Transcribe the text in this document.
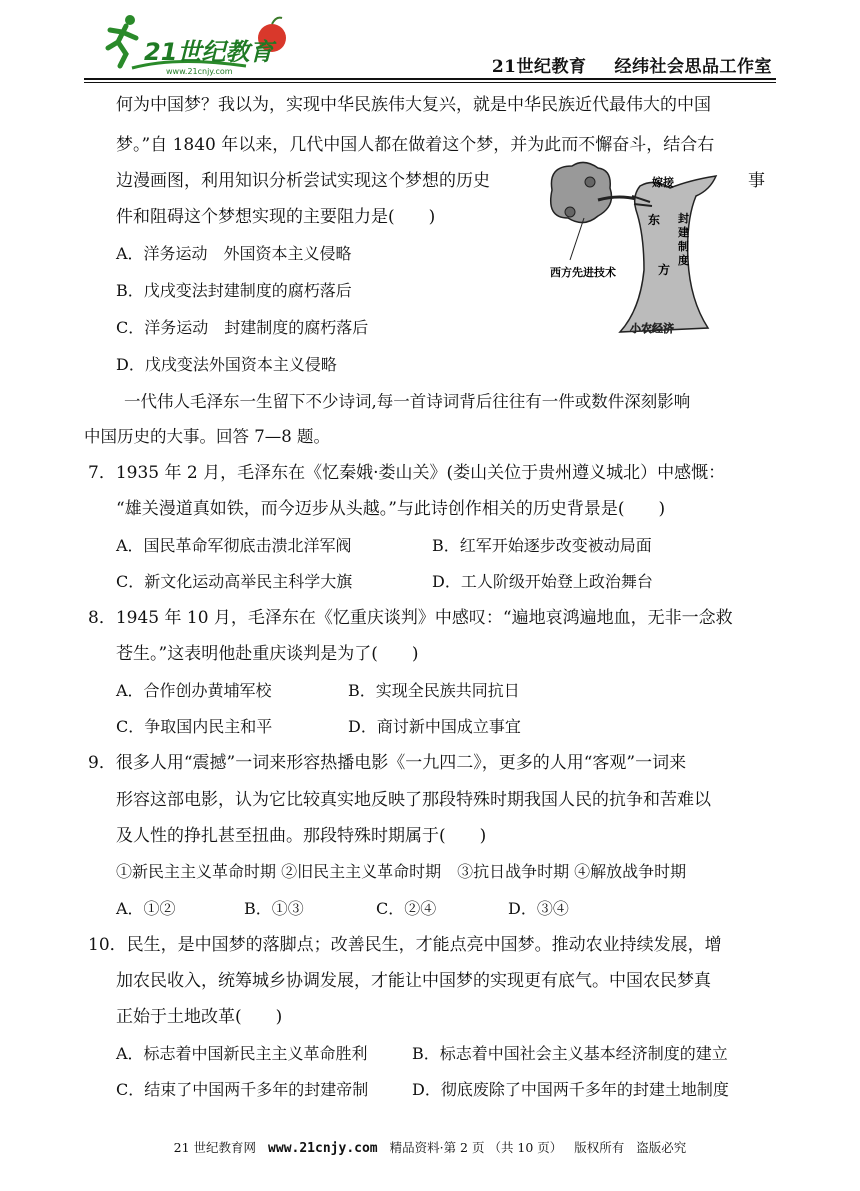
21世纪教育
www.21cnjy.com	21世纪教育 经纬社会思品工作室
何为中国梦？我以为，实现中华民族伟大复兴，就是中华民族近代最伟大的中国
梦。”自 1840 年以来，几代中国人都在做着这个梦，并为此而不懈奋斗，结合右
边漫画图，利用知识分析尝试实现这个梦想的历史	事
件和阻碍这个梦想实现的主要阻力是(　　)
A．洋务运动　外国资本主义侵略
B．戊戌变法封建制度的腐朽落后
C．洋务运动　封建制度的腐朽落后
D．戊戌变法外国资本主义侵略
嫁接
西方先进技术
东
方
封
建
制
度
小农经济
一代伟人毛泽东一生留下不少诗词,每一首诗词背后往往有一件或数件深刻影响
中国历史的大事。回答 7—8 题。
7．1935 年 2 月，毛泽东在《忆秦娥·娄山关》(娄山关位于贵州遵义城北）中感慨：
“雄关漫道真如铁，而今迈步从头越。”与此诗创作相关的历史背景是(　　)
A．国民革命军彻底击溃北洋军阀	B．红军开始逐步改变被动局面
C．新文化运动高举民主科学大旗	D．工人阶级开始登上政治舞台
8．1945 年 10 月，毛泽东在《忆重庆谈判》中感叹：“遍地哀鸿遍地血，无非一念救
苍生。”这表明他赴重庆谈判是为了(　　)
A．合作创办黄埔军校	B．实现全民族共同抗日
C．争取国内民主和平	D．商讨新中国成立事宜
9．很多人用“震撼”一词来形容热播电影《一九四二》，更多的人用“客观”一词来
形容这部电影，认为它比较真实地反映了那段特殊时期我国人民的抗争和苦难以
及人性的挣扎甚至扭曲。那段特殊时期属于(　　)
①新民主主义革命时期 ②旧民主主义革命时期　③抗日战争时期 ④解放战争时期
A．①②	B．①③	C．②④	D．③④
10．民生，是中国梦的落脚点；改善民生，才能点亮中国梦。推动农业持续发展，增
加农民收入，统筹城乡协调发展，才能让中国梦的实现更有底气。中国农民梦真
正始于土地改革(　　)
A．标志着中国新民主主义革命胜利	B．标志着中国社会主义基本经济制度的建立
C．结束了中国两千多年的封建帝制	D．彻底废除了中国两千多年的封建土地制度
21 世纪教育网 www.21cnjy.com 精品资料·第 2 页 （共 10 页） 版权所有 盗版必究
